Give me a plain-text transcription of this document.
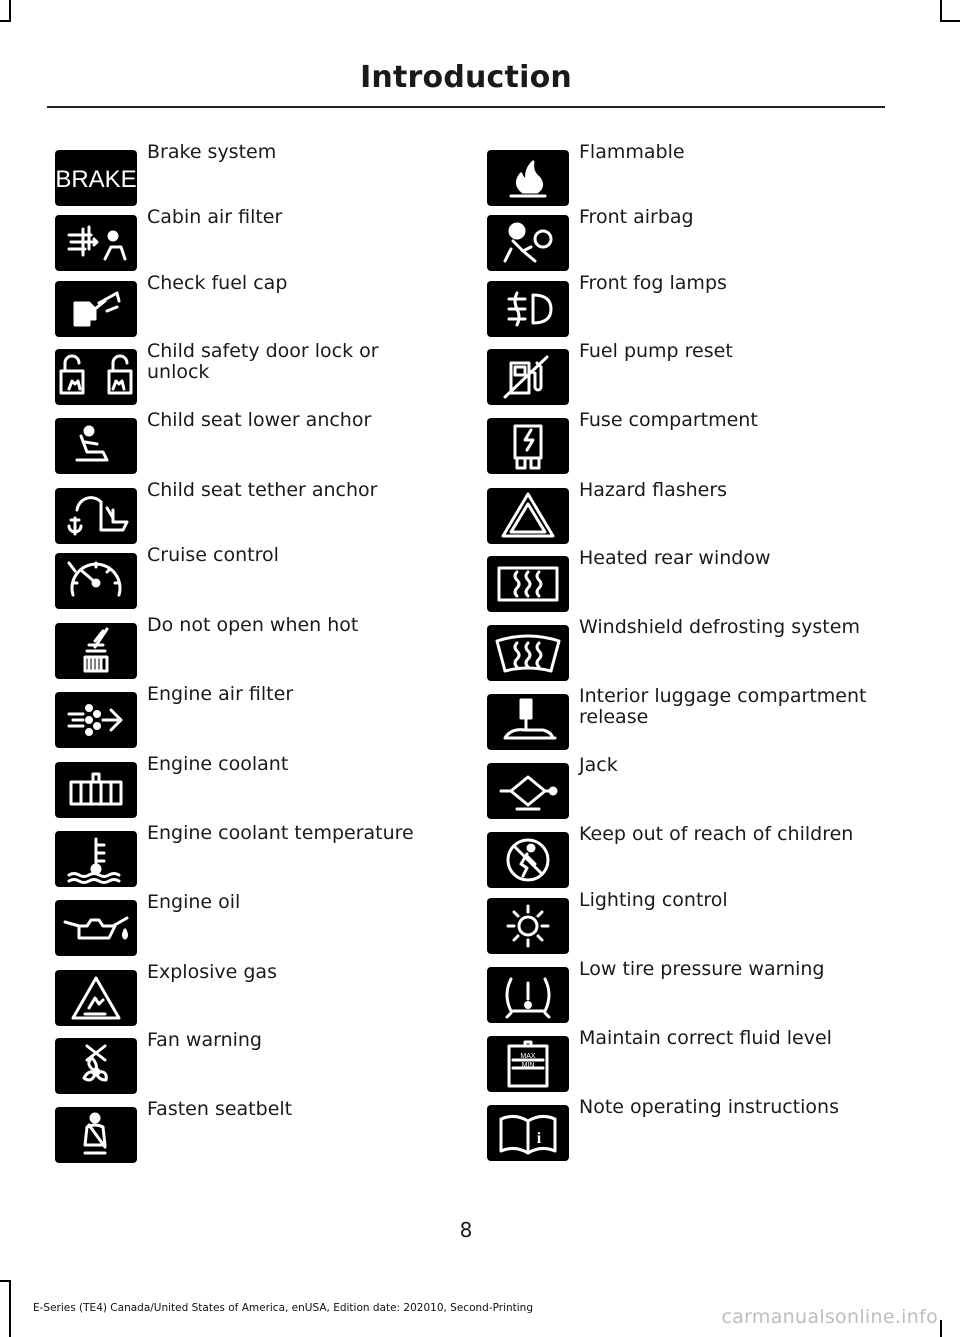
Introduction
BRAKE
Brake system
Cabin air filter
Check fuel cap
Child safety door lock or unlock
Child seat lower anchor
Child seat tether anchor
Cruise control
Do not open when hot
Engine air filter
Engine coolant
Engine coolant temperature
Engine oil
Explosive gas
Fan warning
Fasten seatbelt
Flammable
Front airbag
Front fog lamps
Fuel pump reset
Fuse compartment
Hazard flashers
Heated rear window
Windshield defrosting system
Interior luggage compartment release
Jack
Keep out of reach of children
Lighting control
Low tire pressure warning
MAX
MIN
Maintain correct fluid level
i
Note operating instructions
8
E-Series (TE4) Canada/United States of America, enUSA, Edition date: 202010, Second-Printing	carmanualsonline.info
